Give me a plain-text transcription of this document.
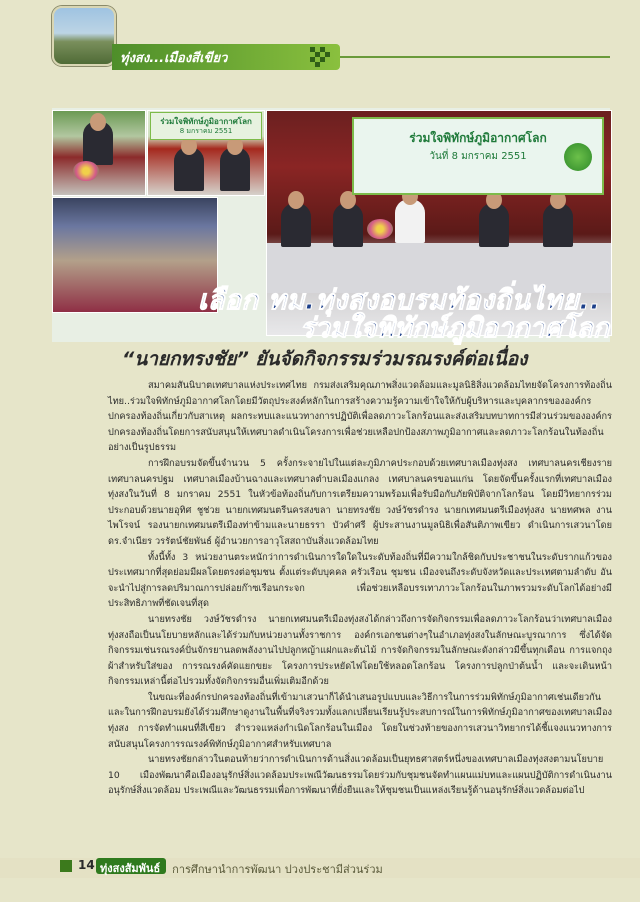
ทุ่งสง...เมืองสีเขียว
ร่วมใจพิทักษ์ภูมิอากาศโลก
8 มกราคม 2551	ร่วมใจพิทักษ์ภูมิอากาศโลก
วันที่ 8 มกราคม 2551
เลือก ทม.ทุ่งสงอบรมท้องถิ่นไทย..
ร่วมใจพิทักษ์ภูมิอากาศโลก
“นายกทรงชัย” ยันจัดกิจกรรมร่วมรณรงค์ต่อเนื่อง

สมาคมสันนิบาตเทศบาลแห่งประเทศไทย กรมส่งเสริมคุณภาพสิ่งแวดล้อมและมูลนิธิสิ่งแวดล้อมไทยจัดโครงการท้องถิ่นไทย..ร่วมใจพิทักษ์ภูมิอากาศโลกโดยมีวัตถุประสงค์หลักในการสร้างความรู้ความเข้าใจให้กับผู้บริหารและบุคลากรขององค์กรปกครองท้องถิ่นเกี่ยวกับสาเหตุ ผลกระทบและแนวทางการปฏิบัติเพื่อลดภาวะโลกร้อนและส่งเสริมบทบาทการมีส่วนร่วมขององค์กรปกครองท้องถิ่นโดยการสนับสนุนให้เทศบาลดำเนินโครงการเพื่อช่วยเหลือปกป้องสภาพภูมิอากาศและลดภาวะโลกร้อนในท้องถิ่นอย่างเป็นรูปธรรม

การฝึกอบรมจัดขึ้นจำนวน 5 ครั้งกระจายไปในแต่ละภูมิภาคประกอบด้วยเทศบาลเมืองทุ่งสง เทศบาลนครเชียงราย เทศบาลนครปฐม เทศบาลเมืองบ้านฉางและเทศบาลตำบลเมืองแกลง เทศบาลนครขอนแก่น โดยจัดขึ้นครั้งแรกที่เทศบาลเมืองทุ่งสงในวันที่ 8 มกราคม 2551 ในหัวข้อท้องถิ่นกับการเตรียมความพร้อมเพื่อรับมือกับภัยพิบัติจากโลกร้อน โดยมีวิทยากรร่วมประกอบด้วยนายอุทิศ ชูช่วย นายกเทศมนตรีนครสงขลา นายทรงชัย วงษ์วัชรดำรง นายกเทศมนตรีเมืองทุ่งสง นายทศพล งานไพโรจน์ รองนายกเทศมนตรีเมืองท่าข้ามและนายธรรา บัวคำศรี ผู้ประสานงานมูลนิธิเพื่อสันติภาพเขียว ดำเนินการเสวนาโดย ดร.จำเนียร วรรัตน์ชัยพันธ์ ผู้อำนวยการอาวุโสสถาบันสิ่งแวดล้อมไทย

ทั้งนี้ทั้ง 3 หน่วยงานตระหนักว่าการดำเนินการใดใดในระดับท้องถิ่นที่มีความใกล้ชิดกับประชาชนในระดับรากแก้วของประเทศมากที่สุดย่อมมีผลโดยตรงต่อชุมชน ตั้งแต่ระดับบุคคล ครัวเรือน ชุมชน เมืองจนถึงระดับจังหวัดและประเทศตามลำดับ อันจะนำไปสู่การลดปริมาณการปล่อยก๊าซเรือนกระจก เพื่อช่วยเหลือบรรเทาภาวะโลกร้อนในภาพรวมระดับโลกได้อย่างมีประสิทธิภาพที่ชัดเจนที่สุด

นายทรงชัย วงษ์วัชรดำรง นายกเทศมนตรีเมืองทุ่งสงได้กล่าวถึงการจัดกิจกรรมเพื่อลดภาวะโลกร้อนว่าเทศบาลเมืองทุ่งสงถือเป็นนโยบายหลักและได้ร่วมกับหน่วยงานทั้งราชการ องค์กรเอกชนต่างๆในอำเภอทุ่งสงในลักษณะบูรณาการ ซึ่งได้จัดกิจกรรมเช่นรณรงค์ปั่นจักรยานลดพลังงานไปปลูกหญ้าแฝกและต้นไม้ การจัดกิจกรรมในลักษณะดังกล่าวมีขึ้นทุกเดือน การแจกถุงผ้าสำหรับใส่ของ การรณรงค์คัดแยกขยะ โครงการประหยัดไฟโดยใช้หลอดโลกร้อน โครงการปลูกป่าต้นน้ำ และจะเดินหน้ากิจกรรมเหล่านี้ต่อไปรวมทั้งจัดกิจกรรมอื่นเพิ่มเติมอีกด้วย

ในขณะที่องค์กรปกครองท้องถิ่นที่เข้ามาเสวนาก็ได้นำเสนอรูปแบบและวิธีการในการร่วมพิทักษ์ภูมิอากาศเช่นเดียวกันและในการฝึกอบรมยังได้ร่วมศึกษาดูงานในพื้นที่จริงรวมทั้งแลกเปลี่ยนเรียนรู้ประสบการณ์ในการพิทักษ์ภูมิอากาศของเทศบาลเมืองทุ่งสง การจัดทำแผนที่สีเขียว สำรวจแหล่งกำเนิดโลกร้อนในเมือง โดยในช่วงท้ายของการเสวนาวิทยากรได้ชี้แจงแนวทางการสนับสนุนโครงการรณรงค์พิทักษ์ภูมิอากาศสำหรับเทศบาล

นายทรงชัยกล่าวในตอนท้ายว่าการดำเนินการด้านสิ่งแวดล้อมเป็นยุทธศาสตร์หนึ่งของเทศบาลเมืองทุ่งสงตามนโยบาย 10 เมืองพัฒนาคือเมืองอนุรักษ์สิ่งแวดล้อมประเพณีวัฒนธรรมโดยร่วมกับชุมชนจัดทำแผนแม่บทและแผนปฏิบัติการดำเนินงานอนุรักษ์สิ่งแวดล้อม ประเพณีและวัฒนธรรมเพื่อการพัฒนาที่ยั่งยืนและให้ชุมชนเป็นแหล่งเรียนรู้ด้านอนุรักษ์สิ่งแวดล้อมต่อไป

14 ทุ่งสงสัมพันธ์ การศึกษานำการพัฒนา ปวงประชามีส่วนร่วม
